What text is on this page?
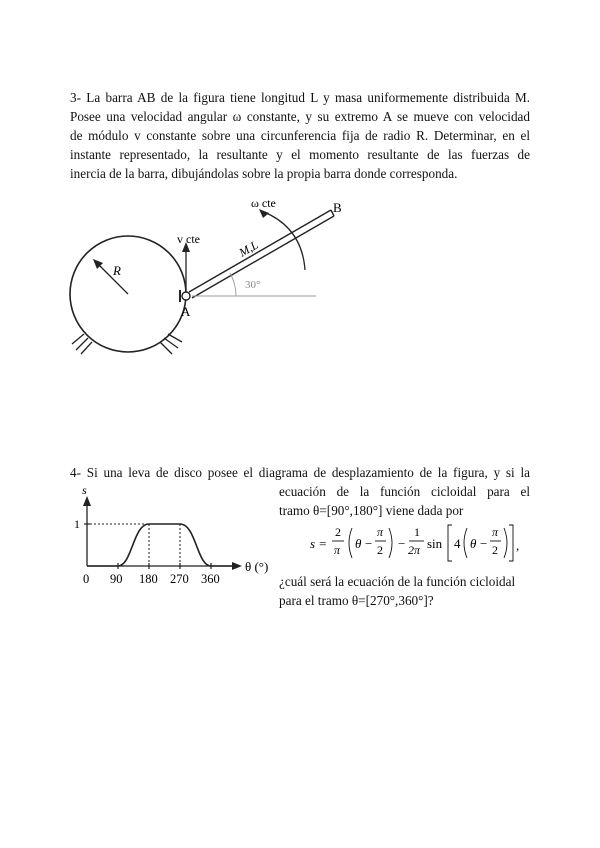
3- La barra AB de la figura tiene longitud L y masa uniformemente distribuida M.
Posee una velocidad angular ω constante, y su extremo A se mueve con velocidad
de módulo v constante sobre una circunferencia fija de radio R. Determinar, en el
instante representado, la resultante y el momento resultante de las fuerzas de
inercia de la barra, dibujándolas sobre la propia barra donde corresponda.
R
A
v cte
B
M,L
30°
ω cte
4- Si una leva de disco posee el diagrama de desplazamiento de la figura, y si la
ecuación de la función cicloidal para el
tramo θ=[90°,180°] viene dada por
s =
2
π θ −
π
2 −
1
2π sin 4 θ −
π
2 ,
¿cuál será la ecuación de la función cicloidal
para el tramo θ=[270°,360°]?
s
θ (°)
1
0 90 180 270 360
